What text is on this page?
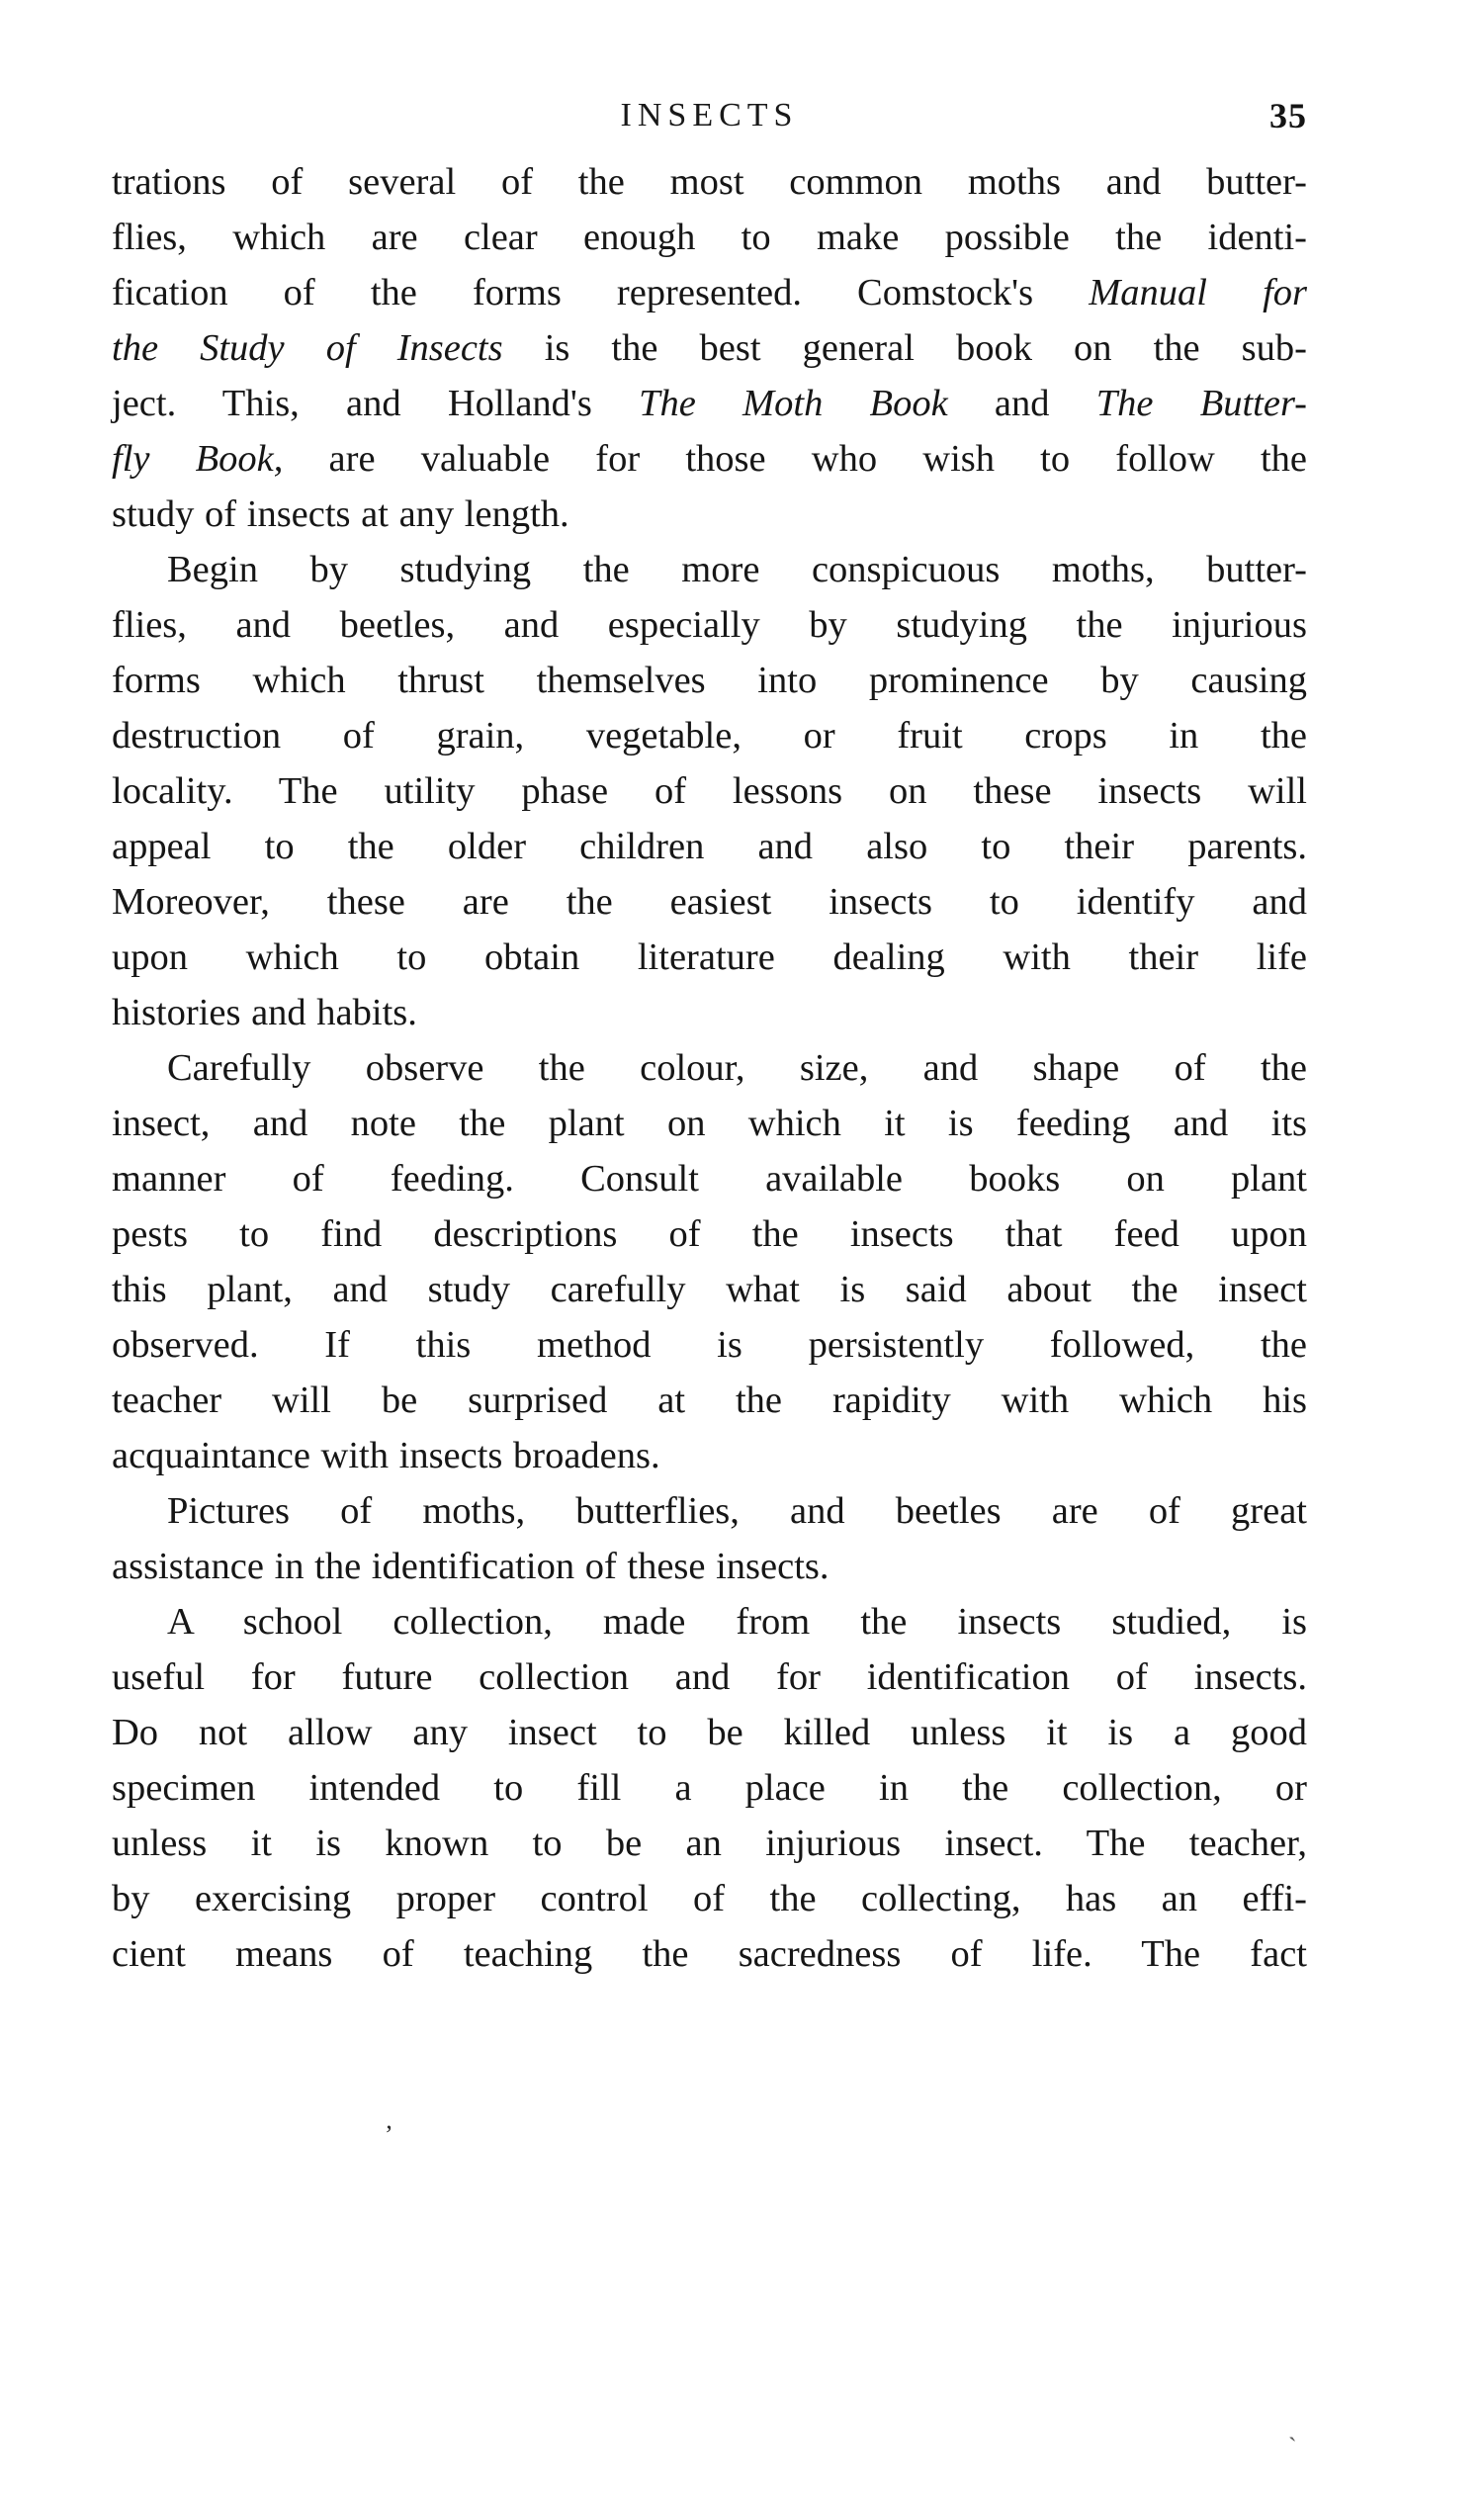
INSECTS	35
trations of several of the most common moths and butter-
flies, which are clear enough to make possible the identi-
fication of the forms represented. Comstock's Manual for
the Study of Insects is the best general book on the sub-
ject. This, and Holland's The Moth Book and The Butter-
fly Book, are valuable for those who wish to follow the
study of insects at any length.
Begin by studying the more conspicuous moths, butter-
flies, and beetles, and especially by studying the injurious
forms which thrust themselves into prominence by causing
destruction of grain, vegetable, or fruit crops in the
locality. The utility phase of lessons on these insects will
appeal to the older children and also to their parents.
Moreover, these are the easiest insects to identify and
upon which to obtain literature dealing with their life
histories and habits.
Carefully observe the colour, size, and shape of the
insect, and note the plant on which it is feeding and its
manner of feeding. Consult available books on plant
pests to find descriptions of the insects that feed upon
this plant, and study carefully what is said about the insect
observed. If this method is persistently followed, the
teacher will be surprised at the rapidity with which his
acquaintance with insects broadens.
Pictures of moths, butterflies, and beetles are of great
assistance in the identification of these insects.
A school collection, made from the insects studied, is
useful for future collection and for identification of insects.
Do not allow any insect to be killed unless it is a good
specimen intended to fill a place in the collection, or
unless it is known to be an injurious insect. The teacher,
by exercising proper control of the collecting, has an effi-
cient means of teaching the sacredness of life. The fact
’
`
